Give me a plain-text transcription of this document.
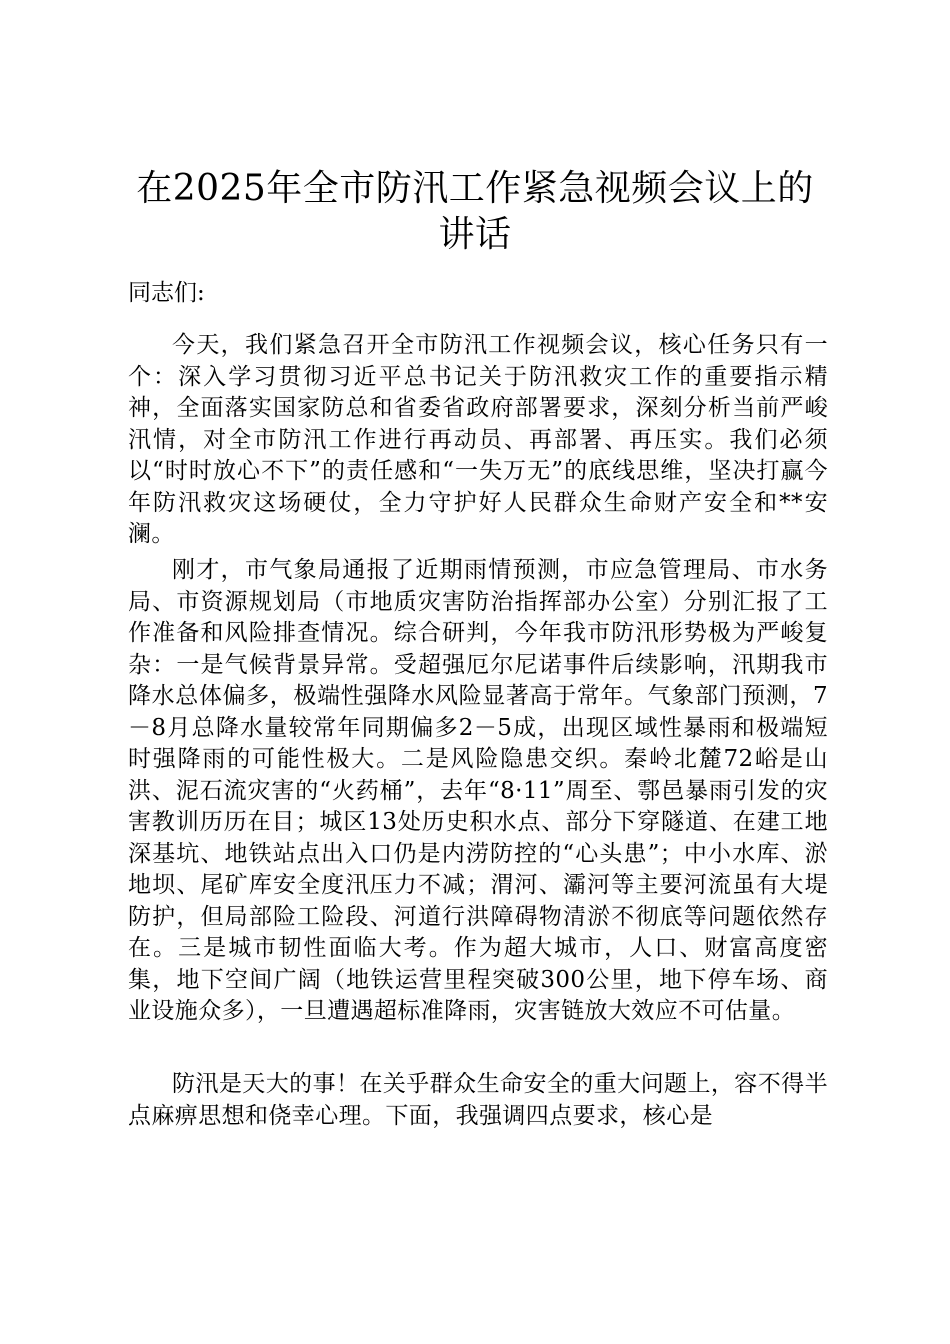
在2025年全市防汛工作紧急视频会议上的讲话

同志们:

今天，我们紧急召开全市防汛工作视频会议，核心任务只有一个：深入学习贯彻习近平总书记关于防汛救灾工作的重要指示精神，全面落实国家防总和省委省政府部署要求，深刻分析当前严峻汛情，对全市防汛工作进行再动员、再部署、再压实。我们必须以“时时放心不下”的责任感和“一失万无”的底线思维，坚决打赢今年防汛救灾这场硬仗，全力守护好人民群众生命财产安全和**安澜。

刚才，市气象局通报了近期雨情预测，市应急管理局、市水务局、市资源规划局（市地质灾害防治指挥部办公室）分别汇报了工作准备和风险排查情况。综合研判，今年我市防汛形势极为严峻复杂：一是气候背景异常。受超强厄尔尼诺事件后续影响，汛期我市降水总体偏多，极端性强降水风险显著高于常年。气象部门预测，7－8月总降水量较常年同期偏多2－5成，出现区域性暴雨和极端短时强降雨的可能性极大。二是风险隐患交织。秦岭北麓72峪是山洪、泥石流灾害的“火药桶”，去年“8·11”周至、鄠邑暴雨引发的灾害教训历历在目；城区13处历史积水点、部分下穿隧道、在建工地深基坑、地铁站点出入口仍是内涝防控的“心头患”；中小水库、淤地坝、尾矿库安全度汛压力不减；渭河、灞河等主要河流虽有大堤防护，但局部险工险段、河道行洪障碍物清淤不彻底等问题依然存在。三是城市韧性面临大考。作为超大城市，人口、财富高度密集，地下空间广阔（地铁运营里程突破300公里，地下停车场、商业设施众多），一旦遭遇超标准降雨，灾害链放大效应不可估量。

防汛是天大的事！在关乎群众生命安全的重大问题上，容不得半点麻痹思想和侥幸心理。下面，我强调四点要求，核心是
